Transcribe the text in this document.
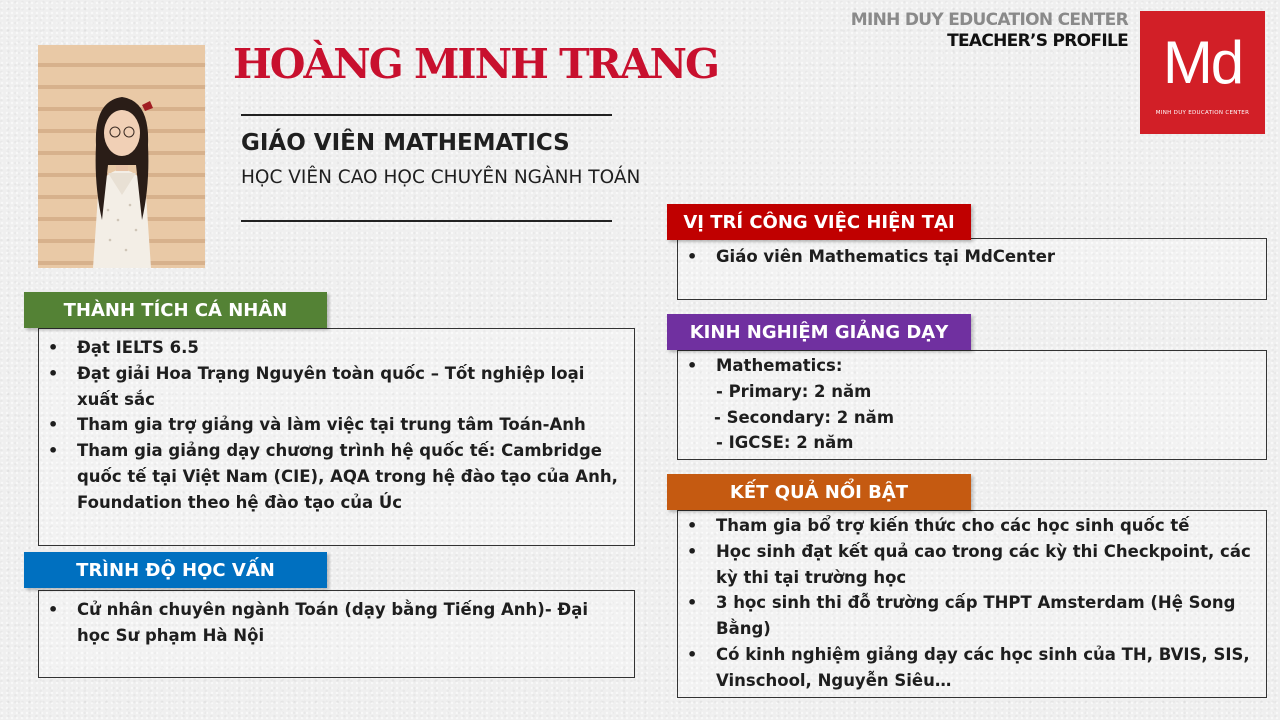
HOÀNG MINH TRANG
GIÁO VIÊN MATHEMATICS
HỌC VIÊN CAO HỌC CHUYÊN NGÀNH TOÁN
MINH DUY EDUCATION CENTER
TEACHER’S PROFILE Md
MINH DUY EDUCATION CENTER
• Đạt IELTS 6.5
• Đạt giải Hoa Trạng Nguyên toàn quốc – Tốt nghiệp loại xuất sắc
• Tham gia trợ giảng và làm việc tại trung tâm Toán-Anh
• Tham gia giảng dạy chương trình hệ quốc tế: Cambridge quốc tế tại Việt Nam (CIE), AQA trong hệ đào tạo của Anh, Foundation theo hệ đào tạo của Úc
THÀNH TÍCH CÁ NHÂN
• Cử nhân chuyên ngành Toán (dạy bằng Tiếng Anh)- Đại học Sư phạm Hà Nội
TRÌNH ĐỘ HỌC VẤN
• Giáo viên Mathematics tại MdCenter
VỊ TRÍ CÔNG VIỆC HIỆN TẠI
• Mathematics:
- Primary: 2 năm
- Secondary: 2 năm
- IGCSE: 2 năm
KINH NGHIỆM GIẢNG DẠY
• Tham gia bổ trợ kiến thức cho các học sinh quốc tế
• Học sinh đạt kết quả cao trong các kỳ thi Checkpoint, các kỳ thi tại trường học
• 3 học sinh thi đỗ trường cấp THPT Amsterdam (Hệ Song Bằng)
• Có kinh nghiệm giảng dạy các học sinh của TH, BVIS, SIS, Vinschool, Nguyễn Siêu…
KẾT QUẢ NỔI BẬT
